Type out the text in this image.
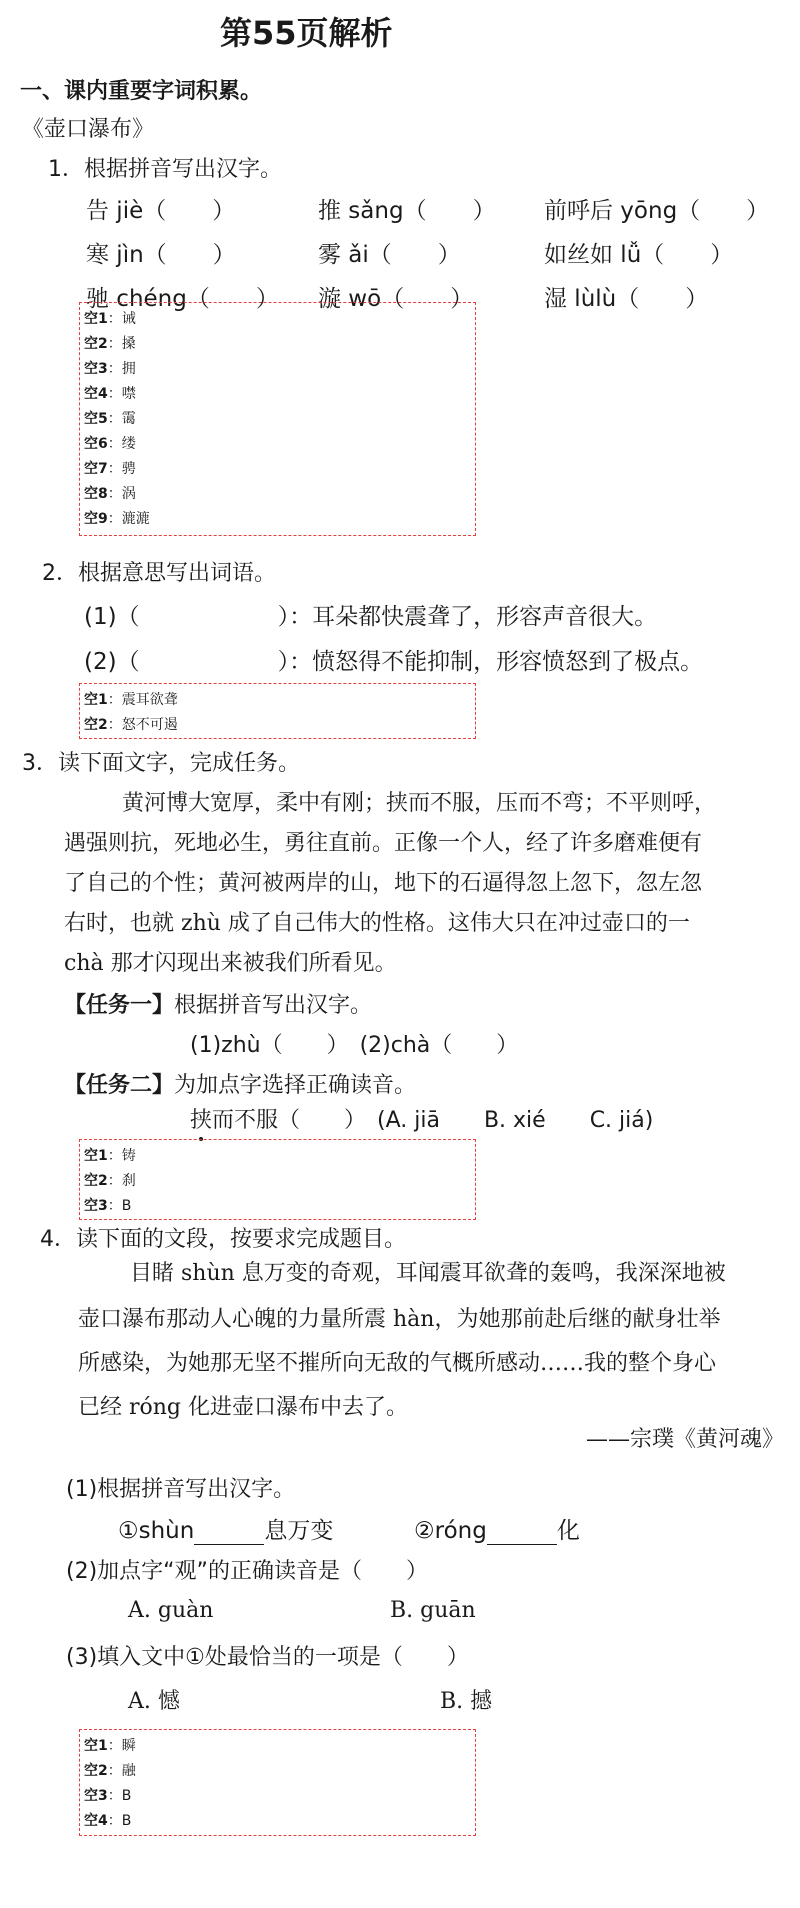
第55页解析
一、课内重要字词积累。
《壶口瀑布》
1．根据拼音写出汉字。
告 jiè（　　）	推 sǎng（　　） 前呼后 yōng（　　）
寒 jìn（　　）	雾 ǎi（　　）	如丝如 lǚ（　　）
驰 chéng（　　） 漩 wō（　　）	湿 lùlù（　　）
空1：诫
空2：搡
空3：拥
空4：噤
空5：霭
空6：缕
空7：骋
空8：涡
空9：漉漉
2．根据意思写出词语。
(1)（　　　　　　）：耳朵都快震聋了，形容声音很大。
(2)（　　　　　　）：愤怒得不能抑制，形容愤怒到了极点。
空1：震耳欲聋
空2：怒不可遏
3．读下面文字，完成任务。
黄河博大宽厚，柔中有刚；挟而不服，压而不弯；不平则呼，
遇强则抗，死地必生，勇往直前。正像一个人，经了许多磨难便有
了自己的个性；黄河被两岸的山，地下的石逼得忽上忽下，忽左忽
右时，也就 zhù 成了自己伟大的性格。这伟大只在冲过壶口的一
chà 那才闪现出来被我们所看见。
【任务一】根据拼音写出汉字。
(1)zhù（　　）　(2)chà（　　）
【任务二】为加点字选择正确读音。
挟而不服（　　）　(A. jiā　　B. xié　　C. jiá)
空1：铸
空2：刹
空3：B
4．读下面的文段，按要求完成题目。
目睹 shùn 息万变的奇观，耳闻震耳欲聋的轰鸣，我深深地被
壶口瀑布那动人心魄的力量所震 hàn，为她那前赴后继的献身壮举
所感染，为她那无坚不摧所向无敌的气概所感动……我的整个身心
已经 róng 化进壶口瀑布中去了。
——宗璞《黄河魂》
(1)根据拼音写出汉字。
①shùn	息万变	②róng	化
(2)加点字“观”的正确读音是（　　）
A. guàn	B. guān
(3)填入文中①处最恰当的一项是（　　）
A. 憾	B. 撼
空1：瞬
空2：融
空3：B
空4：B
